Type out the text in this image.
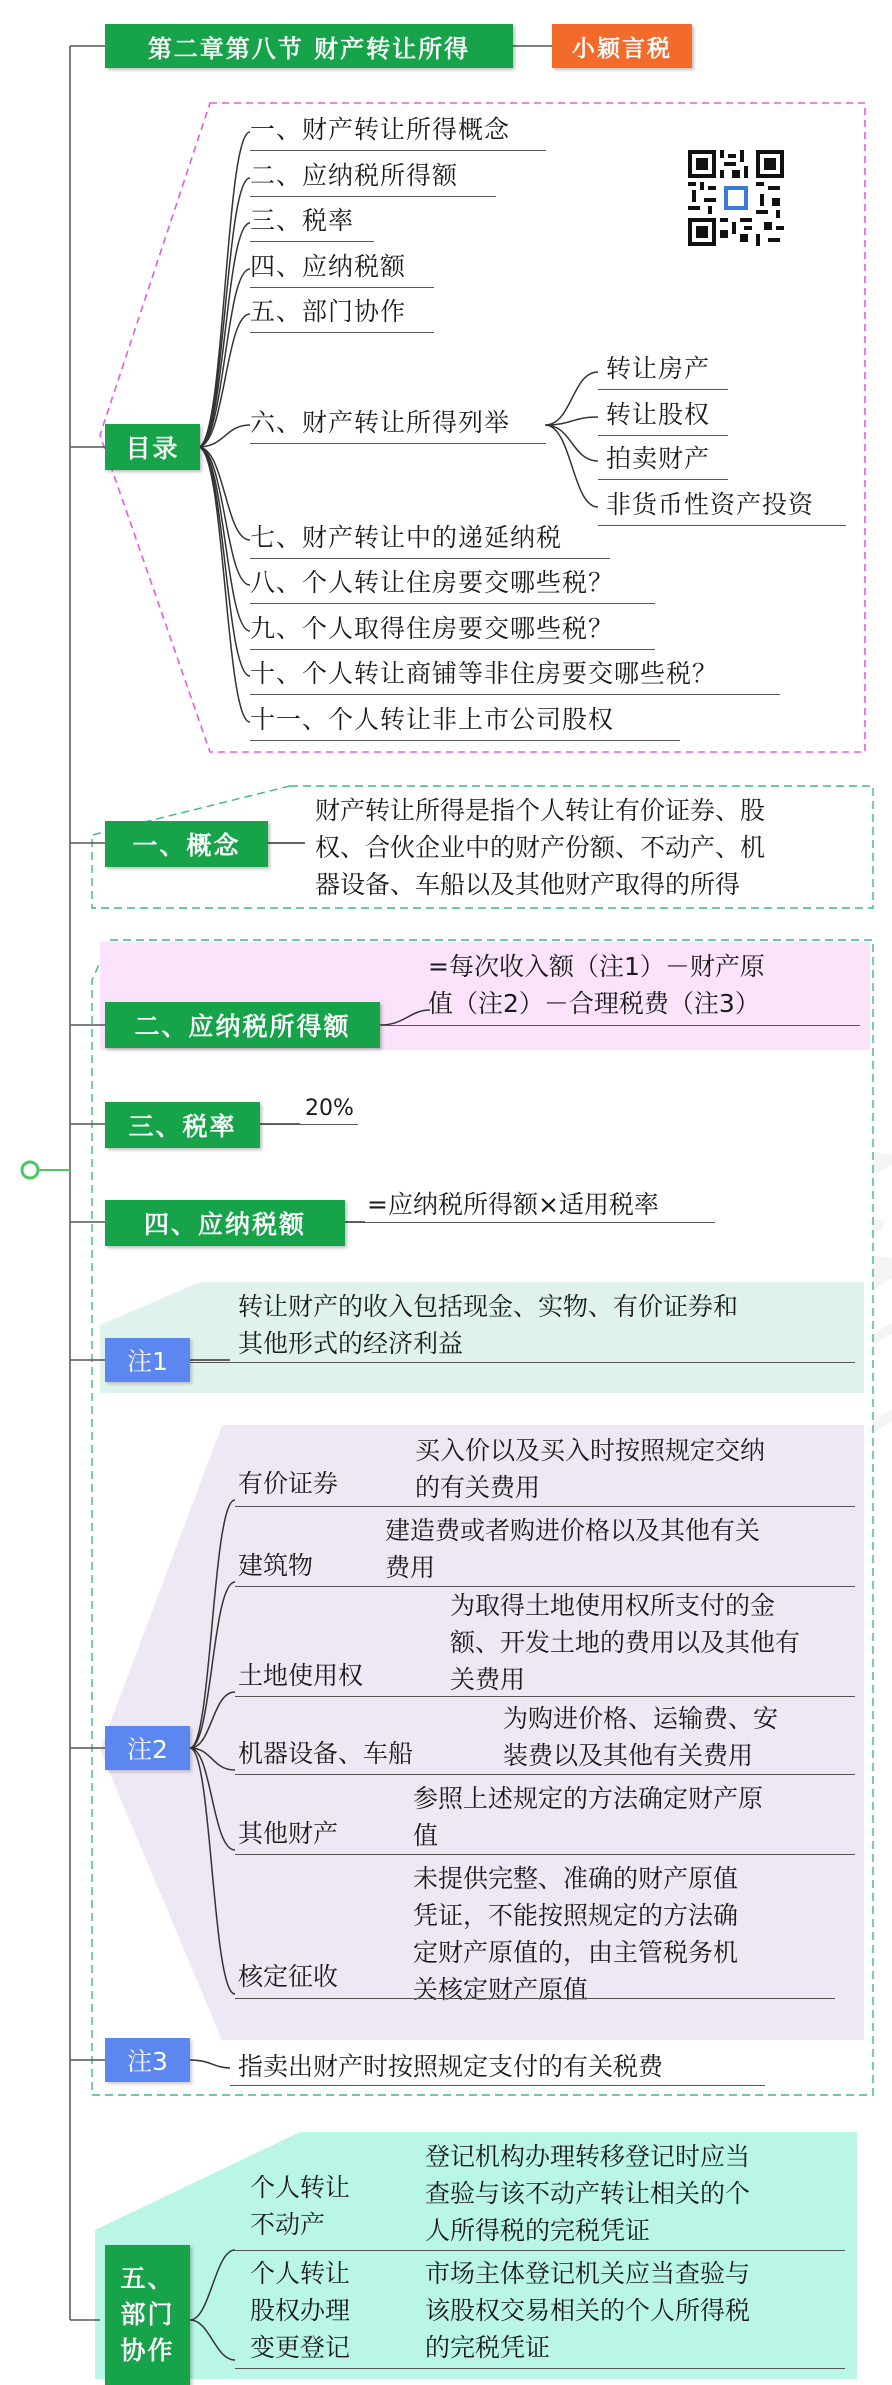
第二章第八节 财产转让所得	小颖言税
目录
一、财产转让所得概念
二、应纳税所得额
三、税率
四、应纳税额
五、部门协作
六、财产转让所得列举
七、财产转让中的递延纳税
八、个人转让住房要交哪些税？
九、个人取得住房要交哪些税？
十、个人转让商铺等非住房要交哪些税？
十一、个人转让非上市公司股权
转让房产
转让股权
拍卖财产
非货币性资产投资
一、概念
财产转让所得是指个人转让有价证券、股
权、合伙企业中的财产份额、不动产、机
器设备、车船以及其他财产取得的所得
二、应纳税所得额
=每次收入额（注1）－财产原
值（注2）－合理税费（注3）
三、税率
20%
四、应纳税额
=应纳税所得额×适用税率
注1
转让财产的收入包括现金、实物、有价证券和
其他形式的经济利益
注2
有价证券
买入价以及买入时按照规定交纳
的有关费用
建筑物
建造费或者购进价格以及其他有关
费用
土地使用权
为取得土地使用权所支付的金
额、开发土地的费用以及其他有
关费用
机器设备、车船
为购进价格、运输费、安
装费以及其他有关费用
其他财产
参照上述规定的方法确定财产原
值
核定征收
未提供完整、准确的财产原值
凭证，不能按照规定的方法确
定财产原值的，由主管税务机
关核定财产原值
注3	指卖出财产时按照规定支付的有关税费
五、
部门
协作
个人转让
不动产
登记机构办理转移登记时应当
查验与该不动产转让相关的个
人所得税的完税凭证
个人转让
股权办理
变更登记
市场主体登记机关应当查验与
该股权交易相关的个人所得税
的完税凭证
